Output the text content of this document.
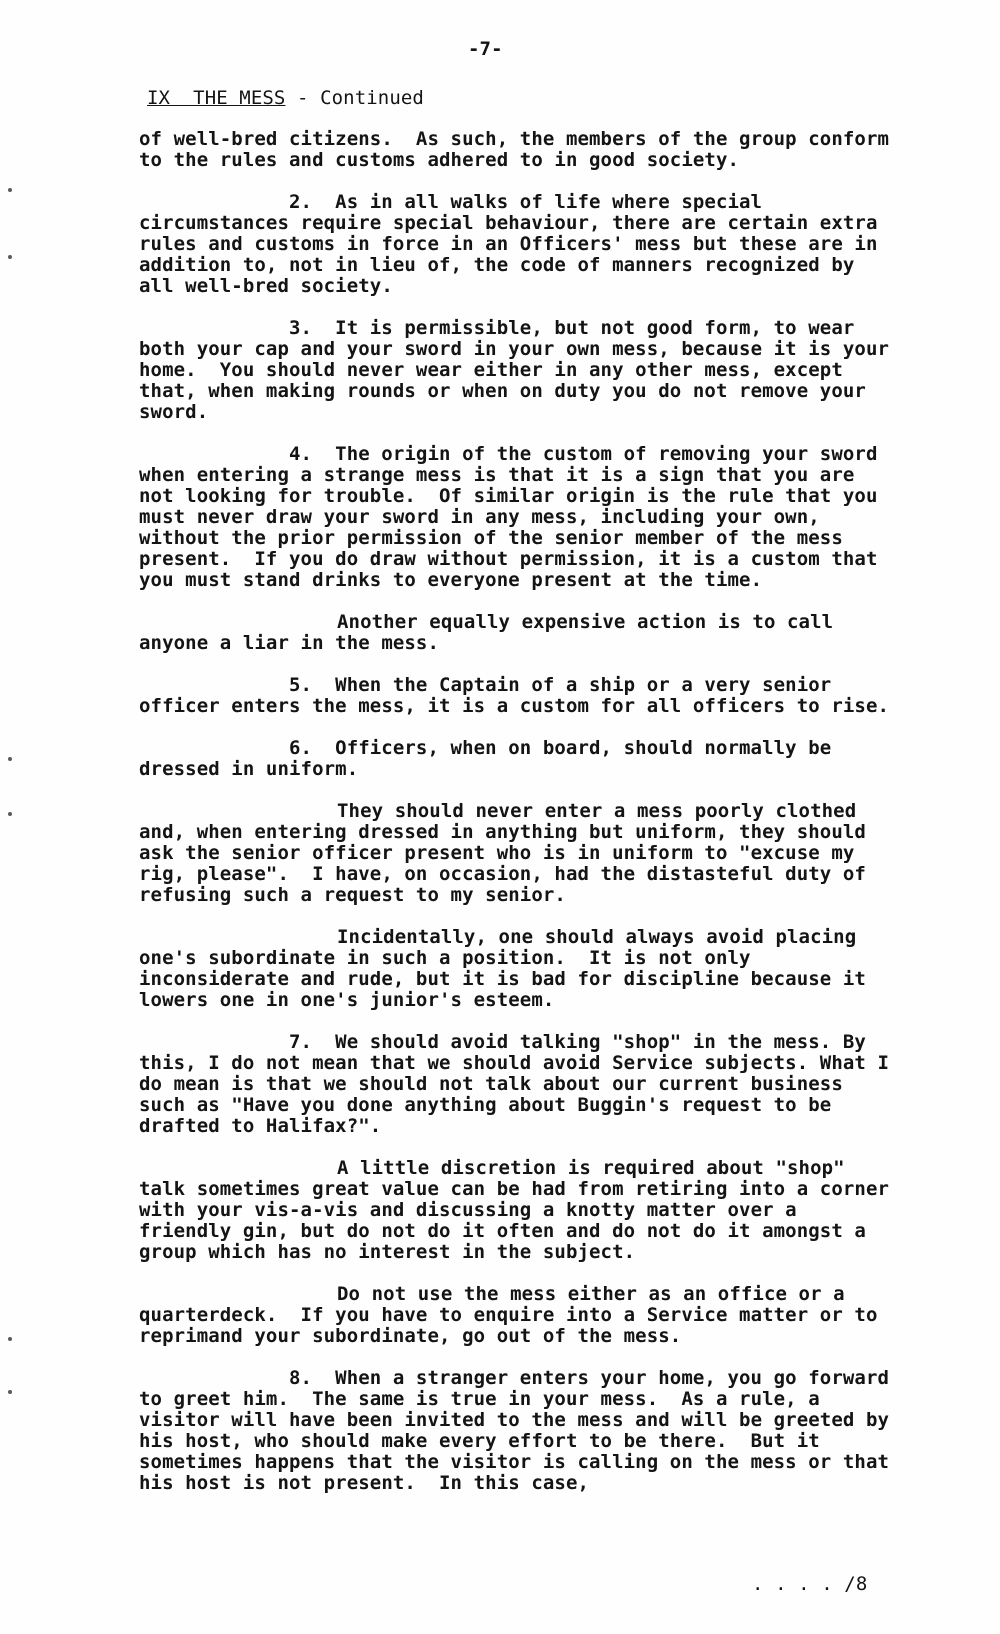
-7-
IX  THE MESS - Continued

of well-bred citizens.  As such, the members of the group conform to the rules and customs adhered to in good society.

2.  As in all walks of life where special circumstances require special behaviour, there are certain extra rules and customs in force in an Officers' mess but these are in addition to, not in lieu of, the code of manners recognized by all well-bred society.

3.  It is permissible, but not good form, to wear both your cap and your sword in your own mess, because it is your home.  You should never wear either in any other mess, except that, when making rounds or when on duty you do not remove your sword.

4.  The origin of the custom of removing your sword when entering a strange mess is that it is a sign that you are not looking for trouble.  Of similar origin is the rule that you must never draw your sword in any mess, including your own, without the prior permission of the senior member of the mess present.  If you do draw without permission, it is a custom that you must stand drinks to everyone present at the time.

Another equally expensive action is to call anyone a liar in the mess.

5.  When the Captain of a ship or a very senior officer enters the mess, it is a custom for all officers to rise.

6.  Officers, when on board, should normally be dressed in uniform.

They should never enter a mess poorly clothed and, when entering dressed in anything but uniform, they should ask the senior officer present who is in uniform to "excuse my rig, please".  I have, on occasion, had the distasteful duty of refusing such a request to my senior.

Incidentally, one should always avoid placing one's subordinate in such a position.  It is not only inconsiderate and rude, but it is bad for discipline because it lowers one in one's junior's esteem.

7.  We should avoid talking "shop" in the mess. By this, I do not mean that we should avoid Service subjects. What I do mean is that we should not talk about our current business such as "Have you done anything about Buggin's request to be drafted to Halifax?".

A little discretion is required about "shop" talk sometimes great value can be had from retiring into a corner with your vis-a-vis and discussing a knotty matter over a friendly gin, but do not do it often and do not do it amongst a group which has no interest in the subject.

Do not use the mess either as an office or a quarterdeck.  If you have to enquire into a Service matter or to reprimand your subordinate, go out of the mess.

8.  When a stranger enters your home, you go forward to greet him.  The same is true in your mess.  As a rule, a visitor will have been invited to the mess and will be greeted by his host, who should make every effort to be there.  But it sometimes happens that the visitor is calling on the mess or that his host is not present.  In this case,

. . . . /8
